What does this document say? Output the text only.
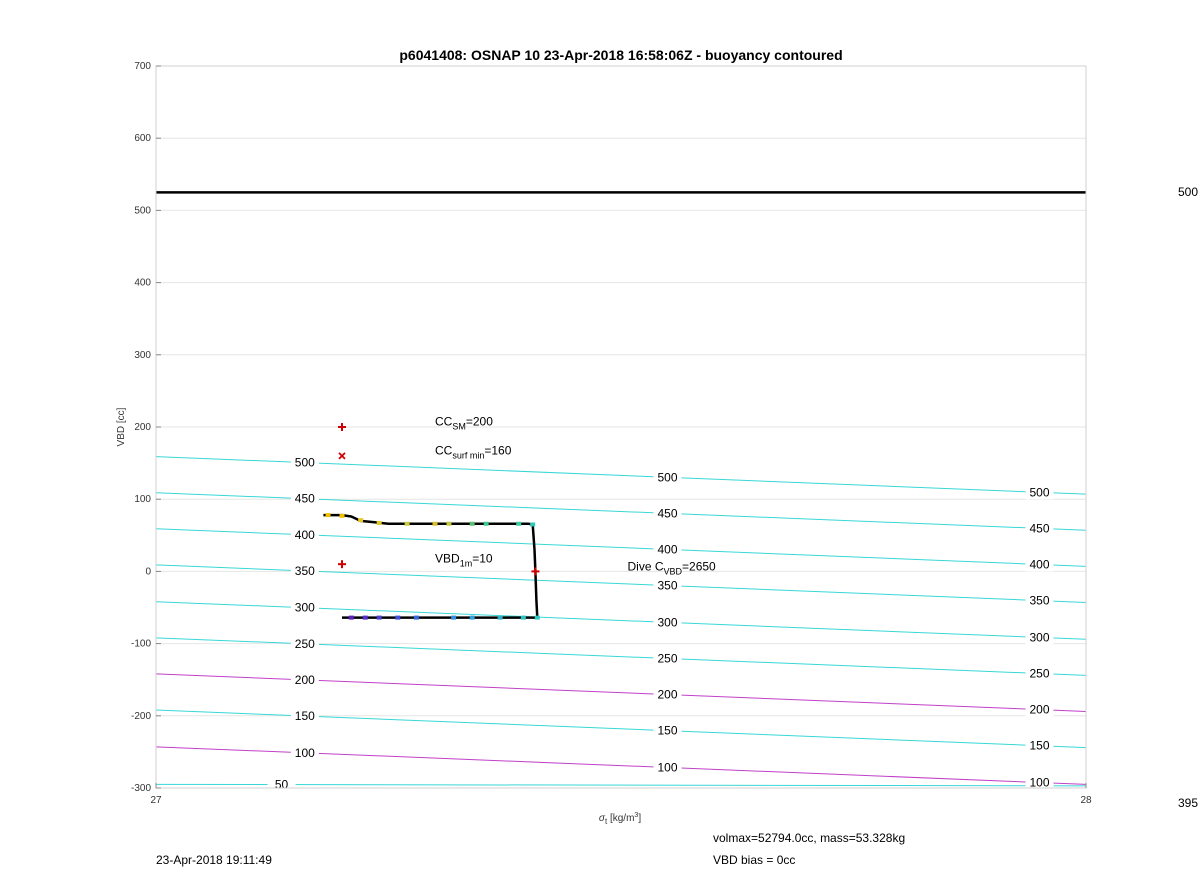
50
100
100
100
150
150
150
200
200
200
250
250
250
300
300
300
350
350
350
400
400
400
450
450
450
500
500
500
$CC_{SM}=200$
$CC_{surf min}=160$
$VBD_{1m}=10$
Dive $C_{VBD}=2650$
700
600
500
400
300
200
100
0
-100
-200
-300
27	28
p6041408: OSNAP 10 23-Apr-2018 16:58:06Z - buoyancy contoured
VBD [cc]
$\sigma_t$ $[kg/m^3]$
500
395
23-Apr-2018 19:11:49
volmax=52794.0cc, mass=53.328kg
VBD bias = 0cc
